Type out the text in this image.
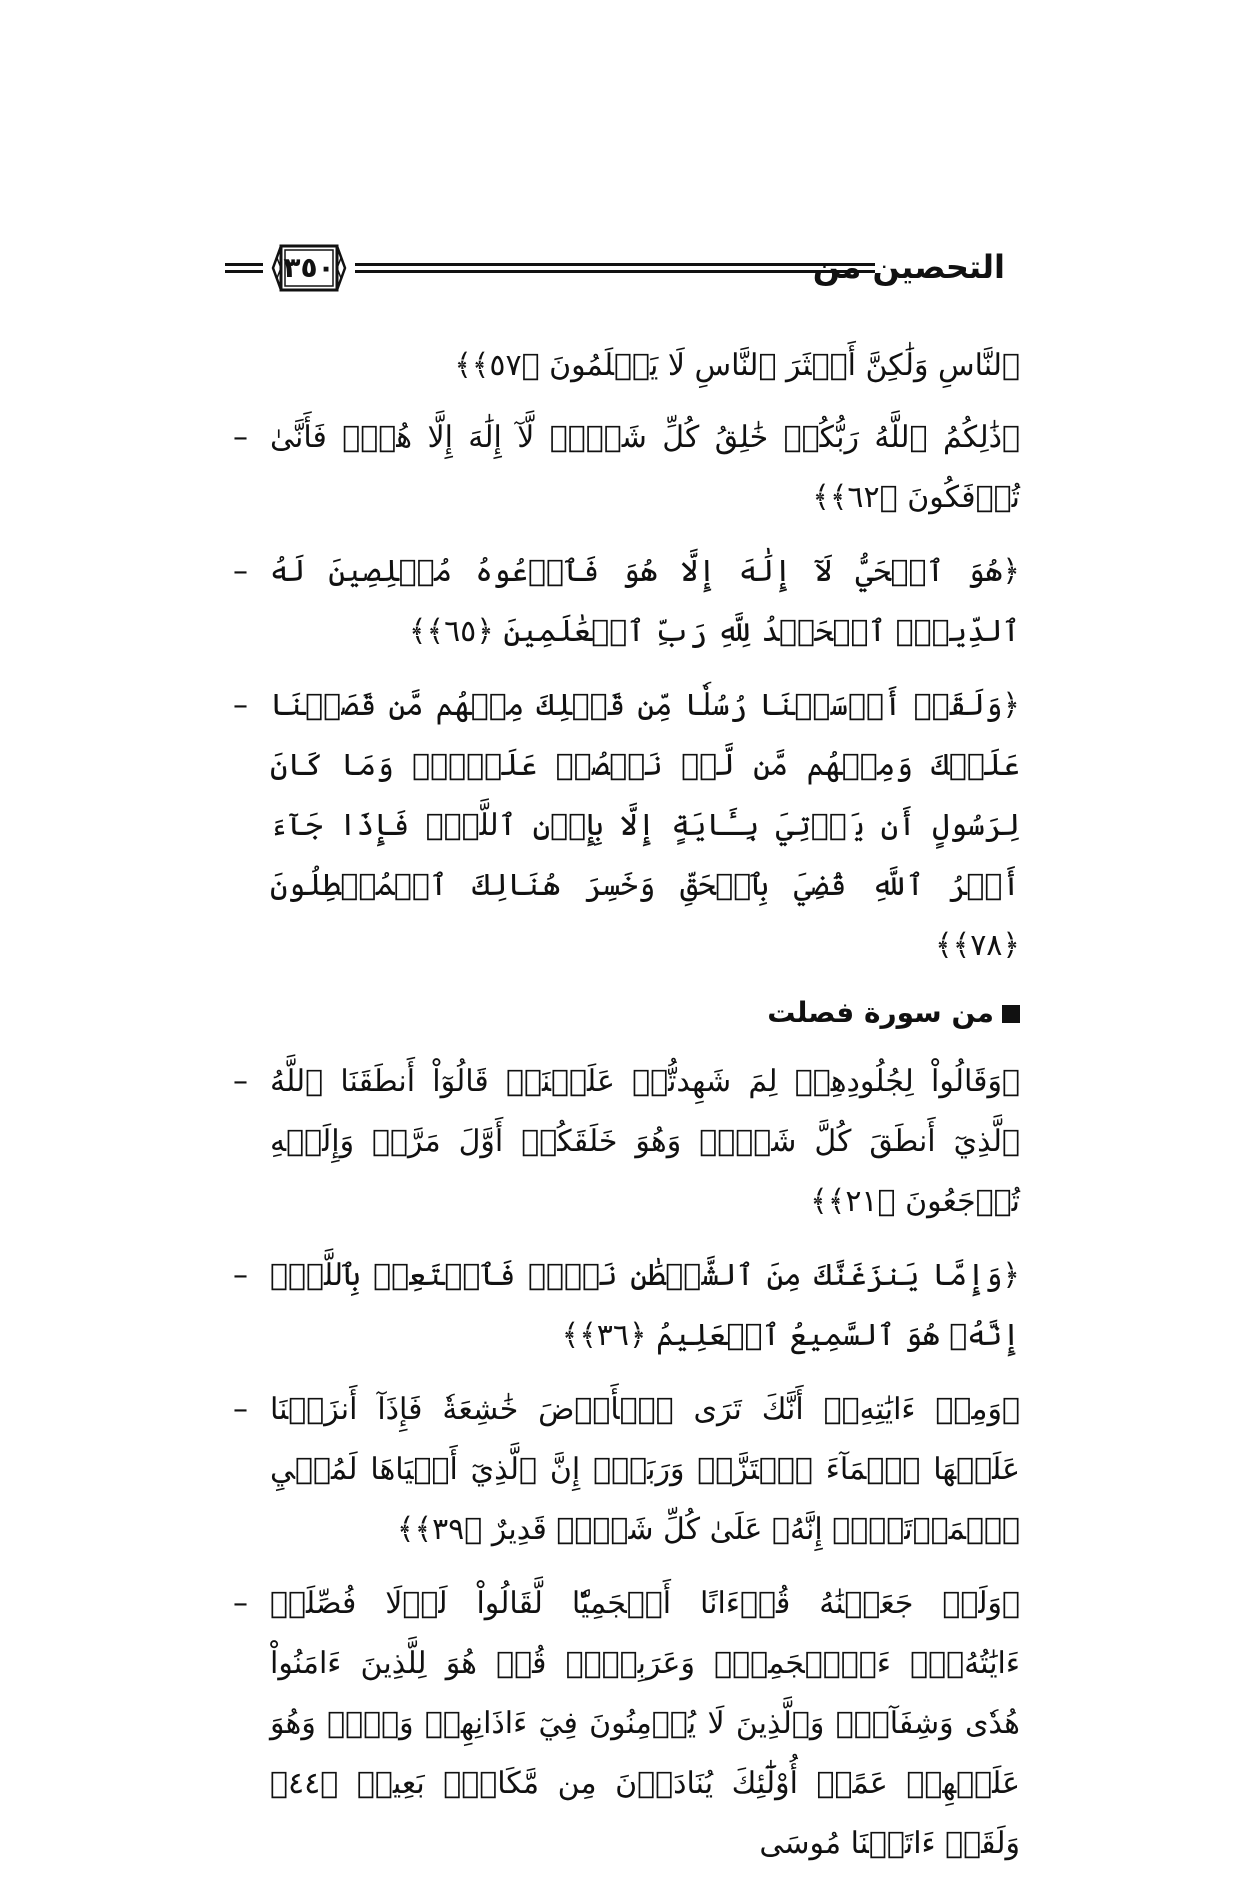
٣٥٠	التحصين من
ٱلنَّاسِ وَلَٰكِنَّ أَكۡثَرَ ٱلنَّاسِ لَا يَعۡلَمُونَ ﴿٥٧﴾﴾
– ﴿ذَٰلِكُمُ ٱللَّهُ رَبُّكُمۡ خَٰلِقُ كُلِّ شَيۡءٖ لَّآ إِلَٰهَ إِلَّا هُوَۖ فَأَنَّىٰ تُؤۡفَكُونَ ﴿٦٢﴾﴾
– ﴿هُوَ ٱلۡحَيُّ لَآ إِلَٰهَ إِلَّا هُوَ فَٱدۡعُوهُ مُخۡلِصِينَ لَهُ ٱلدِّينَۗ ٱلۡحَمۡدُ لِلَّهِ رَبِّ ٱلۡعَٰلَمِينَ ﴿٦٥﴾﴾
– ﴿وَلَقَدۡ أَرۡسَلۡنَا رُسُلٗا مِّن قَبۡلِكَ مِنۡهُم مَّن قَصَصۡنَا عَلَيۡكَ وَمِنۡهُم مَّن لَّمۡ نَقۡصُصۡ عَلَيۡكَۗ وَمَا كَانَ لِرَسُولٍ أَن يَأۡتِيَ بِـَٔايَةٍ إِلَّا بِإِذۡنِ ٱللَّهِۚ فَإِذَا جَآءَ أَمۡرُ ٱللَّهِ قُضِيَ بِٱلۡحَقِّ وَخَسِرَ هُنَالِكَ ٱلۡمُبۡطِلُونَ ﴿٧٨﴾﴾
من سورة فصلت
– ﴿وَقَالُواْ لِجُلُودِهِمۡ لِمَ شَهِدتُّمۡ عَلَيۡنَاۖ قَالُوٓاْ أَنطَقَنَا ٱللَّهُ ٱلَّذِيٓ أَنطَقَ كُلَّ شَيۡءٖ وَهُوَ خَلَقَكُمۡ أَوَّلَ مَرَّةٖ وَإِلَيۡهِ تُرۡجَعُونَ ﴿٢١﴾﴾
– ﴿وَإِمَّا يَنزَغَنَّكَ مِنَ ٱلشَّيۡطَٰنِ نَزۡغٞ فَٱسۡتَعِذۡ بِٱللَّهِۖ إِنَّهُۥ هُوَ ٱلسَّمِيعُ ٱلۡعَلِيمُ ﴿٣٦﴾﴾
– ﴿وَمِنۡ ءَايَٰتِهِۦٓ أَنَّكَ تَرَى ٱلۡأَرۡضَ خَٰشِعَةٗ فَإِذَآ أَنزَلۡنَا عَلَيۡهَا ٱلۡمَآءَ ٱهۡتَزَّتۡ وَرَبَتۡۚ إِنَّ ٱلَّذِيٓ أَحۡيَاهَا لَمُحۡيِ ٱلۡمَوۡتَىٰٓۚ إِنَّهُۥ عَلَىٰ كُلِّ شَيۡءٖ قَدِيرٌ ﴿٣٩﴾﴾
– ﴿وَلَوۡ جَعَلۡنَٰهُ قُرۡءَانًا أَعۡجَمِيّٗا لَّقَالُواْ لَوۡلَا فُصِّلَتۡ ءَايَٰتُهُۥٓۖ ءَا۬عۡجَمِيّٞ وَعَرَبِيّٞۗ قُلۡ هُوَ لِلَّذِينَ ءَامَنُواْ هُدٗى وَشِفَآءٞۚ وَٱلَّذِينَ لَا يُؤۡمِنُونَ فِيٓ ءَاذَانِهِمۡ وَقۡرٞ وَهُوَ عَلَيۡهِمۡ عَمًىۚ أُوْلَٰٓئِكَ يُنَادَوۡنَ مِن مَّكَانِۭ بَعِيدٖ ﴿٤٤﴾ وَلَقَدۡ ءَاتَيۡنَا مُوسَى
